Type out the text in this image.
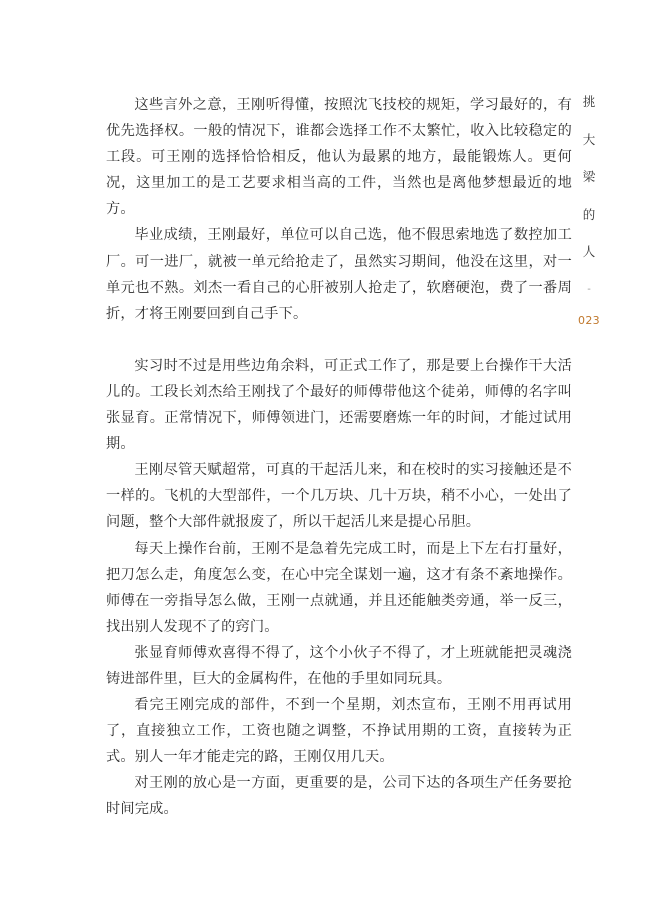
这些言外之意，王刚听得懂，按照沈飞技校的规矩，学习最好的，有优先选择权。一般的情况下，谁都会选择工作不太繁忙，收入比较稳定的工段。可王刚的选择恰恰相反，他认为最累的地方，最能锻炼人。更何况，这里加工的是工艺要求相当高的工件，当然也是离他梦想最近的地方。

毕业成绩，王刚最好，单位可以自己选，他不假思索地选了数控加工厂。可一进厂，就被一单元给抢走了，虽然实习期间，他没在这里，对一单元也不熟。刘杰一看自己的心肝被别人抢走了，软磨硬泡，费了一番周折，才将王刚要回到自己手下。

实习时不过是用些边角余料，可正式工作了，那是要上台操作干大活儿的。工段长刘杰给王刚找了个最好的师傅带他这个徒弟，师傅的名字叫张显育。正常情况下，师傅领进门，还需要磨炼一年的时间，才能过试用期。

王刚尽管天赋超常，可真的干起活儿来，和在校时的实习接触还是不一样的。飞机的大型部件，一个几万块、几十万块，稍不小心，一处出了问题，整个大部件就报废了，所以干起活儿来是提心吊胆。

每天上操作台前，王刚不是急着先完成工时，而是上下左右打量好，把刀怎么走，角度怎么变，在心中完全谋划一遍，这才有条不紊地操作。师傅在一旁指导怎么做，王刚一点就通，并且还能触类旁通，举一反三，找出别人发现不了的窍门。

张显育师傅欢喜得不得了，这个小伙子不得了，才上班就能把灵魂浇铸进部件里，巨大的金属构件，在他的手里如同玩具。

看完王刚完成的部件，不到一个星期，刘杰宣布，王刚不用再试用了，直接独立工作，工资也随之调整，不挣试用期的工资，直接转为正式。别人一年才能走完的路，王刚仅用几天。

对王刚的放心是一方面，更重要的是，公司下达的各项生产任务要抢时间完成。

挑
大
梁
的
人
-
023
